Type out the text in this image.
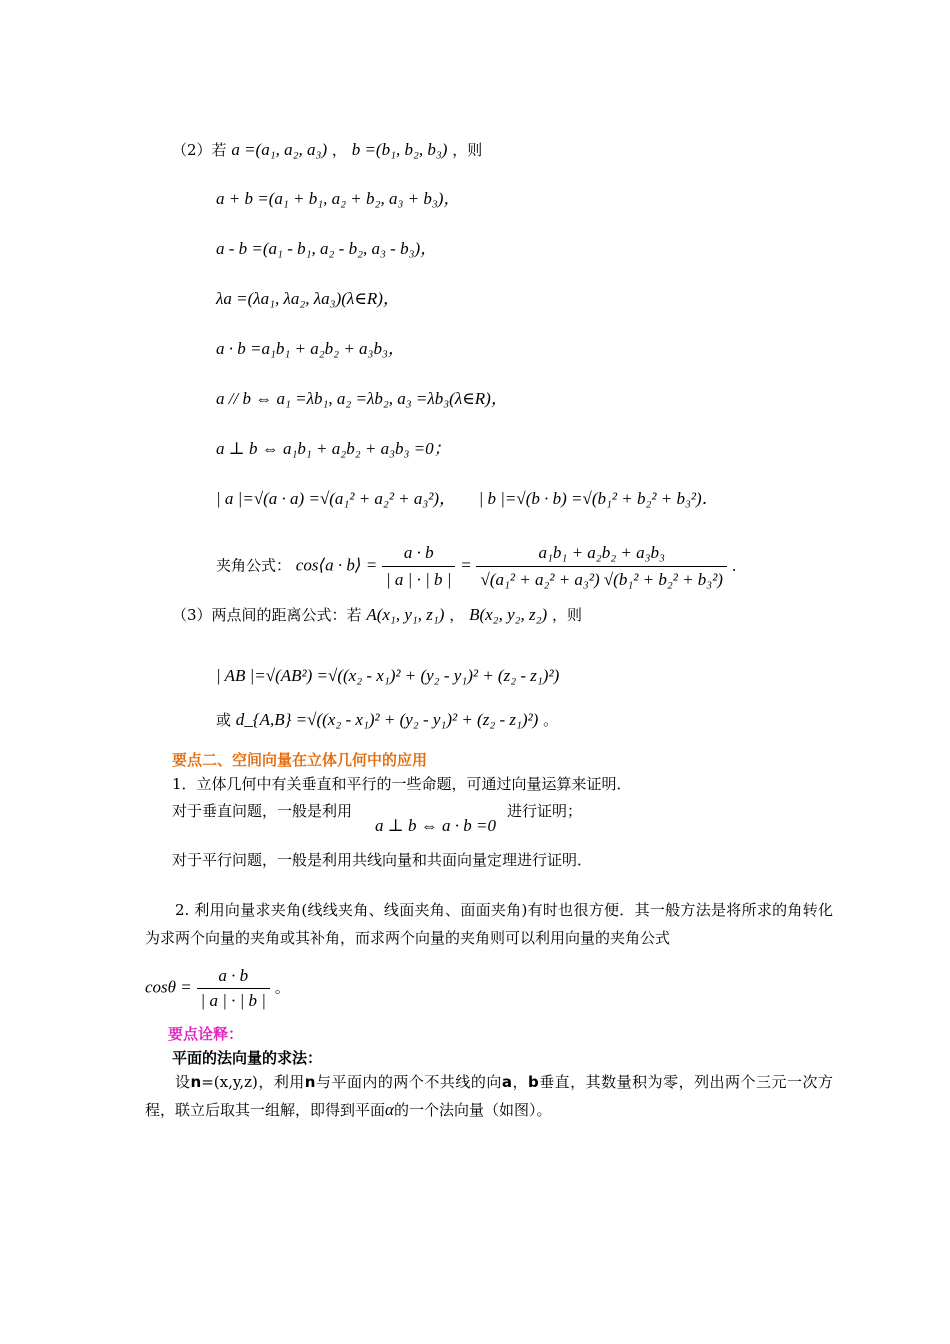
（2）若 a =(a₁, a₂, a₃) ， b =(b₁, b₂, b₃) ，则
a + b =(a₁ + b₁, a₂ + b₂, a₃ + b₃)，
a - b =(a₁ - b₁, a₂ - b₂, a₃ - b₃)，
λa =(λa₁, λa₂, λa₃)(λ∈R)，
a · b =a₁b₁ + a₂b₂ + a₃b₃，
a // b ⇔ a₁ =λb₁, a₂ =λb₂, a₃ =λb₃(λ∈R)，
a ⊥ b ⇔ a₁b₁ + a₂b₂ + a₃b₃ =0；
| a |=√(a · a) =√(a₁² + a₂² + a₃²)， | b |=√(b · b) =√(b₁² + b₂² + b₃²)．
夹角公式： cos⟨a · b⟩ = $\frac{a \cdot b}{| a | \cdot | b |} = \frac{\text{a₁b₁ + a₂b₂ + a₃b₃}}{\text{√(a₁² + a₂² + a₃²) √(b₁² + b₂² + b₃²)}}$ ．
（3）两点间的距离公式：若 A(x₁, y₁, z₁) ， B(x₂, y₂, z₂) ，则
| AB |=√(AB²) =√((x₂ - x₁)² + (y₂ - y₁)² + (z₂ - z₁)²)
或 d_{A,B} =√((x₂ - x₁)² + (y₂ - y₁)² + (z₂ - z₁)²) 。
要点二、空间向量在立体几何中的应用
1．立体几何中有关垂直和平行的一些命题，可通过向量运算来证明．
对于垂直问题，一般是利用
a ⊥ b ⇔ a · b =0
进行证明；
对于平行问题，一般是利用共线向量和共面向量定理进行证明．
2. 利用向量求夹角(线线夹角、线面夹角、面面夹角)有时也很方便．其一般方法是将所求的角转化为求两个向量的夹角或其补角，而求两个向量的夹角则可以利用向量的夹角公式
$\cos\theta = \frac{a \cdot b}{| a | \cdot | b |}$ 。
要点诠释：
平面的法向量的求法：
设n=(x,y,z)，利用n与平面内的两个不共线的向a，b垂直，其数量积为零，列出两个三元一次方程，联立后取其一组解，即得到平面α的一个法向量（如图）。
